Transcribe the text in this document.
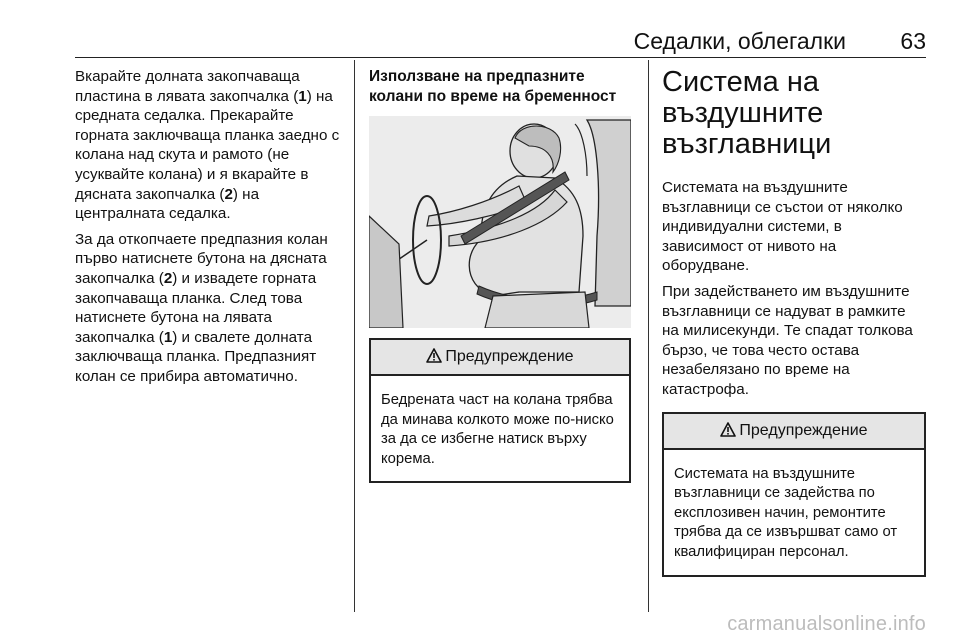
Седалки, облегалки 63

Вкарайте долната закопчаваща пластина в лявата закопчалка (1) на средната седалка. Прекарайте горната заключваща планка заедно с колана над скута и рамото (не усуквайте колана) и я вкарайте в дясната закопчалка (2) на централната седалка.

За да откопчаете предпазния колан първо натиснете бутона на дясната закопчалка (2) и извадете горната закопчаваща планка. След това натиснете бутона на лявата закопчалка (1) и свалете долната заключваща планка. Предпазният колан се прибира автоматично.

Използване на предпазните колани по време на бременност
Предупреждение
Бедрената част на колана трябва да минава колкото може по-ниско за да се избегне натиск върху корема.
Система на въздушните възглавници

Системата на въздушните възглавници се състои от няколко индивидуални системи, в зависимост от нивото на оборудване.

При задействането им въздушните възглавници се надуват в рамките на милисекунди. Те спадат толкова бързо, че това често остава незабелязано по време на катастрофа.

Предупреждение
Системата на въздушните възглавници се задейства по експлозивен начин, ремонтите трябва да се извършват само от квалифициран персонал.
carmanualsonline.info
